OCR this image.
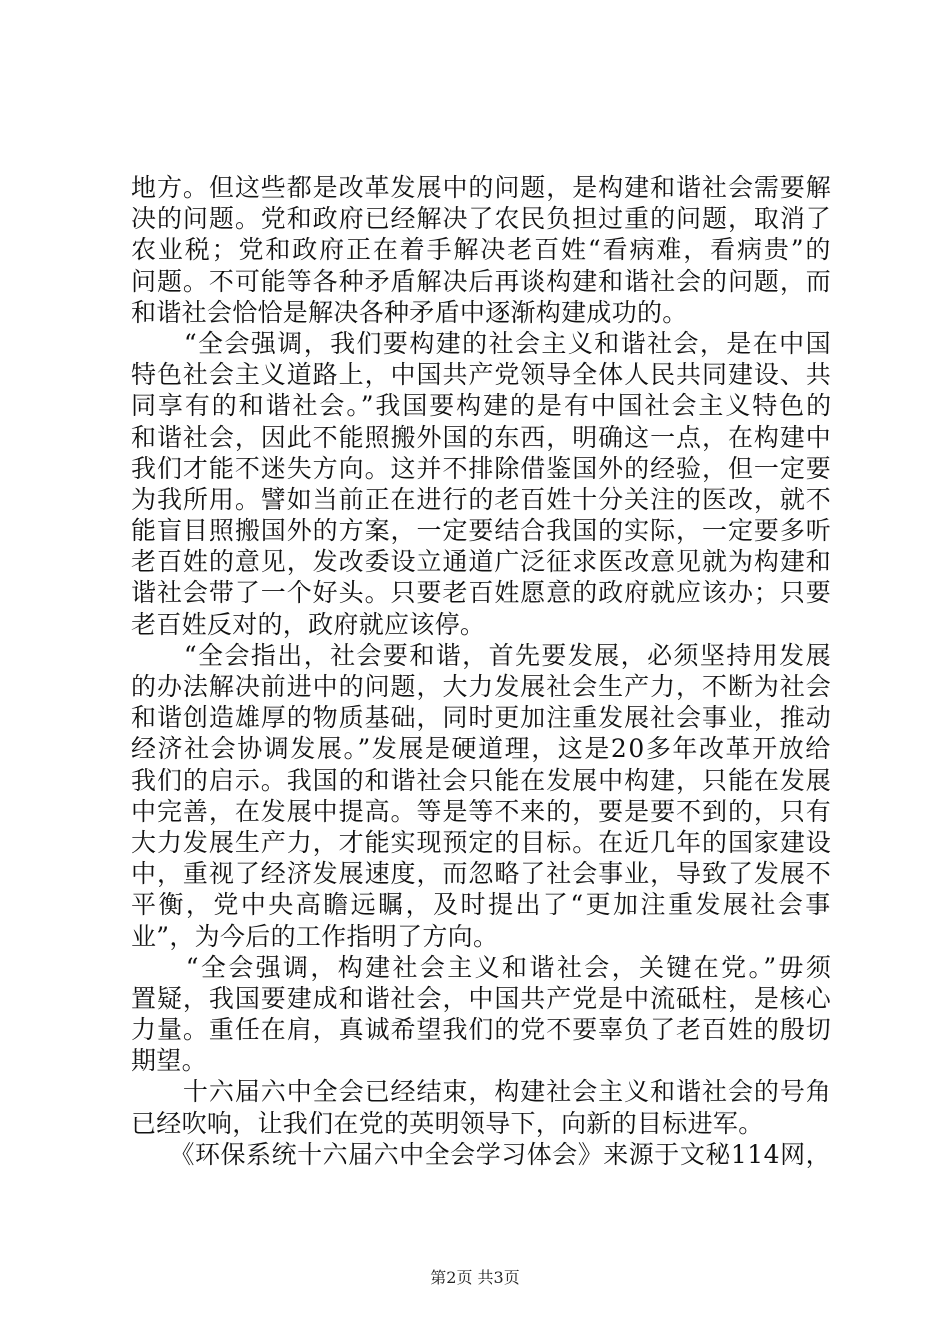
地方。但这些都是改革发展中的问题，是构建和谐社会需要解
决的问题。党和政府已经解决了农民负担过重的问题，取消了
农业税；党和政府正在着手解决老百姓“看病难，看病贵”的
问题。不可能等各种矛盾解决后再谈构建和谐社会的问题，而
和谐社会恰恰是解决各种矛盾中逐渐构建成功的。
　　“全会强调，我们要构建的社会主义和谐社会，是在中国
特色社会主义道路上，中国共产党领导全体人民共同建设、共
同享有的和谐社会。”我国要构建的是有中国社会主义特色的
和谐社会，因此不能照搬外国的东西，明确这一点，在构建中
我们才能不迷失方向。这并不排除借鉴国外的经验，但一定要
为我所用。譬如当前正在进行的老百姓十分关注的医改，就不
能盲目照搬国外的方案，一定要结合我国的实际，一定要多听
老百姓的意见，发改委设立通道广泛征求医改意见就为构建和
谐社会带了一个好头。只要老百姓愿意的政府就应该办；只要
老百姓反对的，政府就应该停。
　　“全会指出，社会要和谐，首先要发展，必须坚持用发展
的办法解决前进中的问题，大力发展社会生产力，不断为社会
和谐创造雄厚的物质基础，同时更加注重发展社会事业，推动
经济社会协调发展。”发展是硬道理，这是20多年改革开放给
我们的启示。我国的和谐社会只能在发展中构建，只能在发展
中完善，在发展中提高。等是等不来的，要是要不到的，只有
大力发展生产力，才能实现预定的目标。在近几年的国家建设
中，重视了经济发展速度，而忽略了社会事业，导致了发展不
平衡，党中央高瞻远瞩，及时提出了“更加注重发展社会事
业”，为今后的工作指明了方向。
　　“全会强调，构建社会主义和谐社会，关键在党。”毋须
置疑，我国要建成和谐社会，中国共产党是中流砥柱，是核心
力量。重任在肩，真诚希望我们的党不要辜负了老百姓的殷切
期望。
　　十六届六中全会已经结束，构建社会主义和谐社会的号角
已经吹响，让我们在党的英明领导下，向新的目标进军。
　　《环保系统十六届六中全会学习体会》来源于文秘114网，
第2页 共3页
